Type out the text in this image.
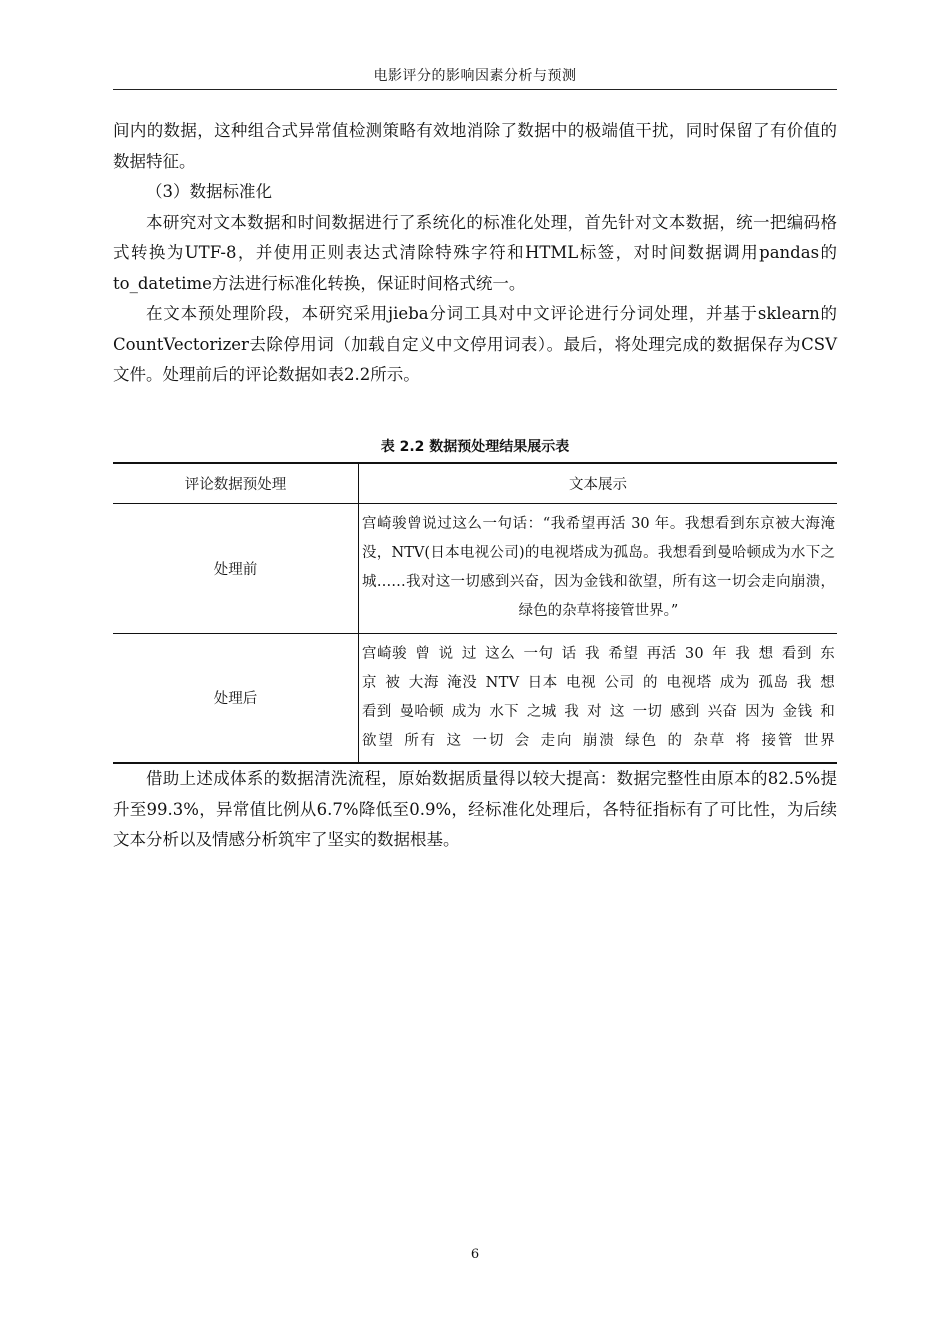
电影评分的影响因素分析与预测

间内的数据，这种组合式异常值检测策略有效地消除了数据中的极端值干扰，同时保留了有价值的数据特征。

（3）数据标准化

本研究对文本数据和时间数据进行了系统化的标准化处理，首先针对文本数据，统一把编码格式转换为UTF-8，并使用正则表达式清除特殊字符和HTML标签，对时间数据调用pandas的to_datetime方法进行标准化转换，保证时间格式统一。

在文本预处理阶段，本研究采用jieba分词工具对中文评论进行分词处理，并基于sklearn的CountVectorizer去除停用词（加载自定义中文停用词表）。最后，将处理完成的数据保存为CSV文件。处理前后的评论数据如表2.2所示。

表 2.2 数据预处理结果展示表
评论数据预处理	文本展示
处理前	宫崎骏曾说过这么一句话：“我希望再活 30 年。我想看到东京被大海淹没，NTV(日本电视公司)的电视塔成为孤岛。我想看到曼哈顿成为水下之城……我对这一切感到兴奋，因为金钱和欲望，所有这一切会走向崩溃，绿色的杂草将接管世界。”

处理后	宫崎骏 曾 说 过 这么 一句 话 我 希望 再活 30 年 我 想 看到 东京 被 大海 淹没 NTV 日本 电视 公司 的 电视塔 成为 孤岛 我 想 看到 曼哈顿 成为 水下 之城 我 对 这 一切 感到 兴奋 因为 金钱 和 欲望 所有 这 一切 会 走向 崩溃 绿色 的 杂草 将 接管 世界

借助上述成体系的数据清洗流程，原始数据质量得以较大提高：数据完整性由原本的82.5%提升至99.3%，异常值比例从6.7%降低至0.9%，经标准化处理后，各特征指标有了可比性，为后续文本分析以及情感分析筑牢了坚实的数据根基。

6
